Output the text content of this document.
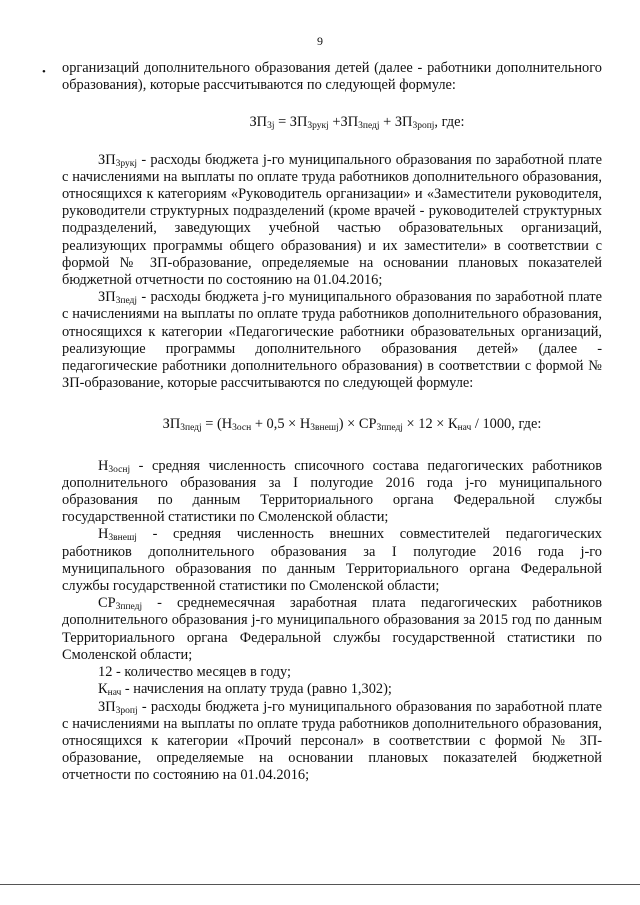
9
• организаций дополнительного образования детей (далее - работники дополнительного образования), которые рассчитываются по следующей формуле:

$ЗП_{3j} = ЗП_{3рукj} +ЗП_{3педj} + ЗП_{3ропj}$, где:

$ЗП_{3рукj}$ - расходы бюджета j-го муниципального образования по заработной плате с начислениями на выплаты по оплате труда работников дополнительного образования, относящихся к категориям «Руководитель организации» и «Заместители руководителя, руководители структурных подразделений (кроме врачей - руководителей структурных подразделений, заведующих учебной частью образовательных организаций, реализующих программы общего образования) и их заместители» в соответствии с формой № ЗП-образование, определяемые на основании плановых показателей бюджетной отчетности по состоянию на 01.04.2016;

$ЗП_{3педj}$ - расходы бюджета j-го муниципального образования по заработной плате с начислениями на выплаты по оплате труда работников дополнительного образования, относящихся к категории «Педагогические работники образовательных организаций, реализующие программы дополнительного образования детей» (далее - педагогические работники дополнительного образования) в соответствии с формой № ЗП-образование, которые рассчитываются по следующей формуле:

$ЗП_{3педj} = (Н_{3осн} + 0,5 \times Н_{3внешj}) \times СР_{3ппедj} \times 12 \times К_{нач} / 1000$, где:

$Н_{3оснj}$ - средняя численность списочного состава педагогических работников дополнительного образования за I полугодие 2016 года j-го муниципального образования по данным Территориального органа Федеральной службы государственной статистики по Смоленской области;

$Н_{3внешj}$ - средняя численность внешних совместителей педагогических работников дополнительного образования за I полугодие 2016 года j-го муниципального образования по данным Территориального органа Федеральной службы государственной статистики по Смоленской области;

$СР_{3ппедj}$ - среднемесячная заработная плата педагогических работников дополнительного образования j-го муниципального образования за 2015 год по данным Территориального органа Федеральной службы государственной статистики по Смоленской области;

12 - количество месяцев в году;

$К_{нач}$ - начисления на оплату труда (равно 1,302);

$ЗП_{3ропj}$ - расходы бюджета j-го муниципального образования по заработной плате с начислениями на выплаты по оплате труда работников дополнительного образования, относящихся к категории «Прочий персонал» в соответствии с формой № ЗП-образование, определяемые на основании плановых показателей бюджетной отчетности по состоянию на 01.04.2016;
